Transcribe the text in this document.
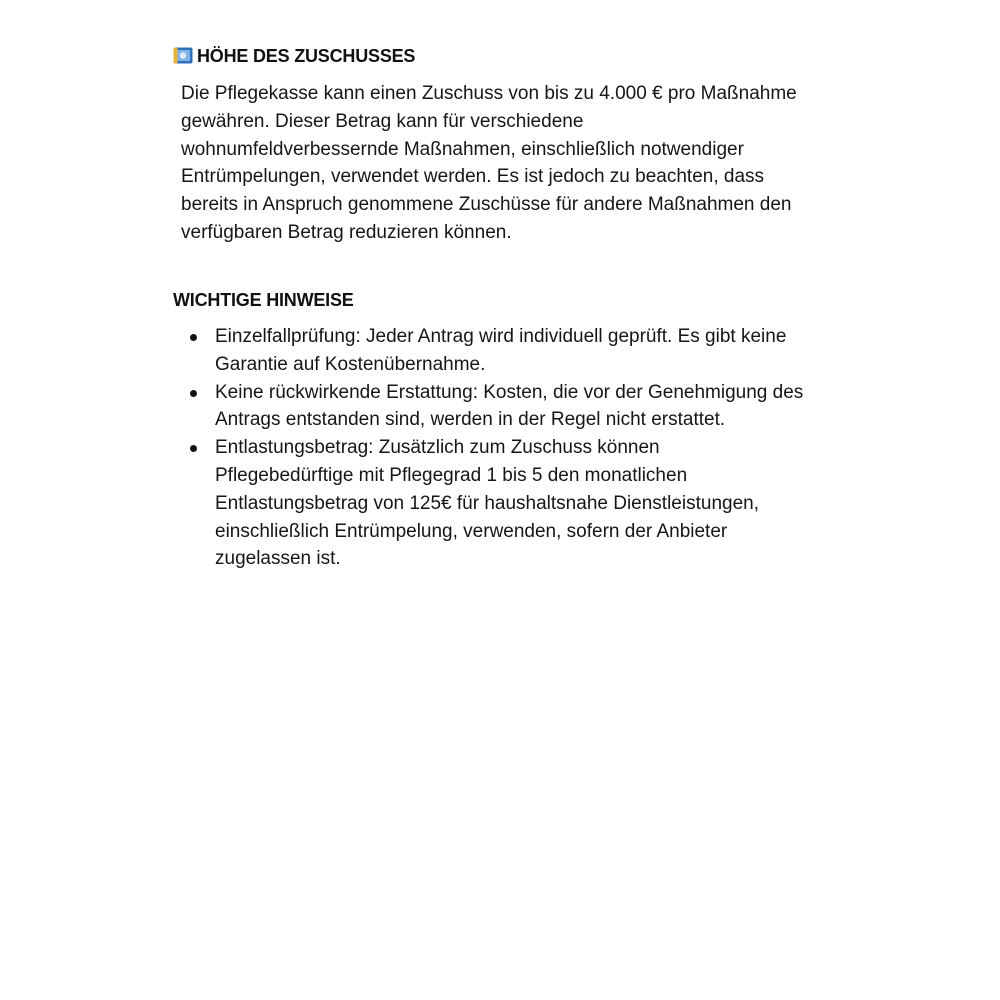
HÖHE DES ZUSCHUSSES

Die Pflegekasse kann einen Zuschuss von bis zu 4.000 € pro Maßnahme
gewähren. Dieser Betrag kann für verschiedene
wohnumfeldverbessernde Maßnahmen, einschließlich notwendiger
Entrümpelungen, verwendet werden. Es ist jedoch zu beachten, dass
bereits in Anspruch genommene Zuschüsse für andere Maßnahmen den
verfügbaren Betrag reduzieren können.

WICHTIGE HINWEISE
Einzelfallprüfung: Jeder Antrag wird individuell geprüft. Es gibt keine
Garantie auf Kostenübernahme.
Keine rückwirkende Erstattung: Kosten, die vor der Genehmigung des
Antrags entstanden sind, werden in der Regel nicht erstattet.
Entlastungsbetrag: Zusätzlich zum Zuschuss können
Pflegebedürftige mit Pflegegrad 1 bis 5 den monatlichen
Entlastungsbetrag von 125€ für haushaltsnahe Dienstleistungen,
einschließlich Entrümpelung, verwenden, sofern der Anbieter
zugelassen ist.
